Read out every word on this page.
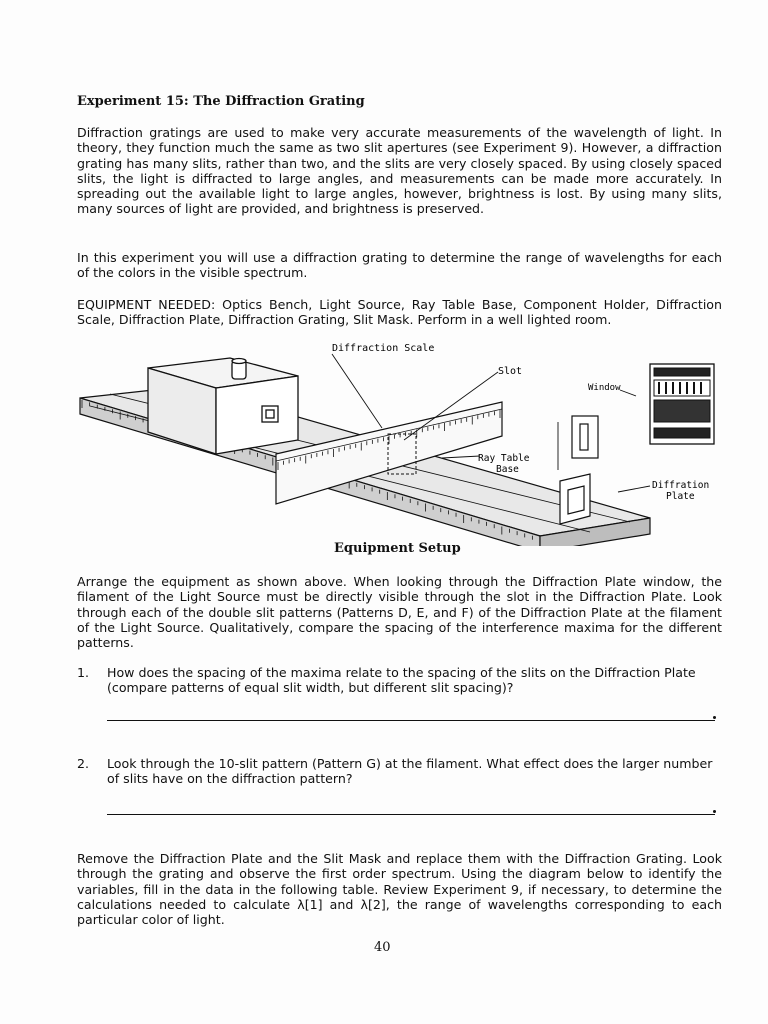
Experiment 15: The Diffraction Grating

Diffraction gratings are used to make very accurate measurements of the wavelength of light. In theory, they function much the same as two slit apertures (see Experiment 9). However, a diffraction grating has many slits, rather than two, and the slits are very closely spaced. By using closely spaced slits, the light is diffracted to large angles, and measurements can be made more accurately. In spreading out the available light to large angles, however, brightness is lost. By using many slits, many sources of light are provided, and brightness is preserved.

In this experiment you will use a diffraction grating to determine the range of wavelengths for each of the colors in the visible spectrum.

EQUIPMENT NEEDED: Optics Bench, Light Source, Ray Table Base, Component Holder, Diffraction Scale, Diffraction Plate, Diffraction Grating, Slit Mask. Perform in a well lighted room.

Diffraction Scale
Slot
Window
Ray Table
Base
Diffration
Plate
Equipment Setup

Arrange the equipment as shown above. When looking through the Diffraction Plate window, the filament of the Light Source must be directly visible through the slot in the Diffraction Plate. Look through each of the double slit patterns (Patterns D, E, and F) of the Diffraction Plate at the filament of the Light Source. Qualitatively, compare the spacing of the interference maxima for the different patterns.

1. How does the spacing of the maxima relate to the spacing of the slits on the Diffraction Plate (compare patterns of equal slit width, but different slit spacing)?
2. Look through the 10-slit pattern (Pattern G) at the filament. What effect does the larger number of slits have on the diffraction pattern?

Remove the Diffraction Plate and the Slit Mask and replace them with the Diffraction Grating. Look through the grating and observe the first order spectrum. Using the diagram below to identify the variables, fill in the data in the following table. Review Experiment 9, if necessary, to determine the calculations needed to calculate λ[1] and λ[2], the range of wavelengths corresponding to each particular color of light.

40
